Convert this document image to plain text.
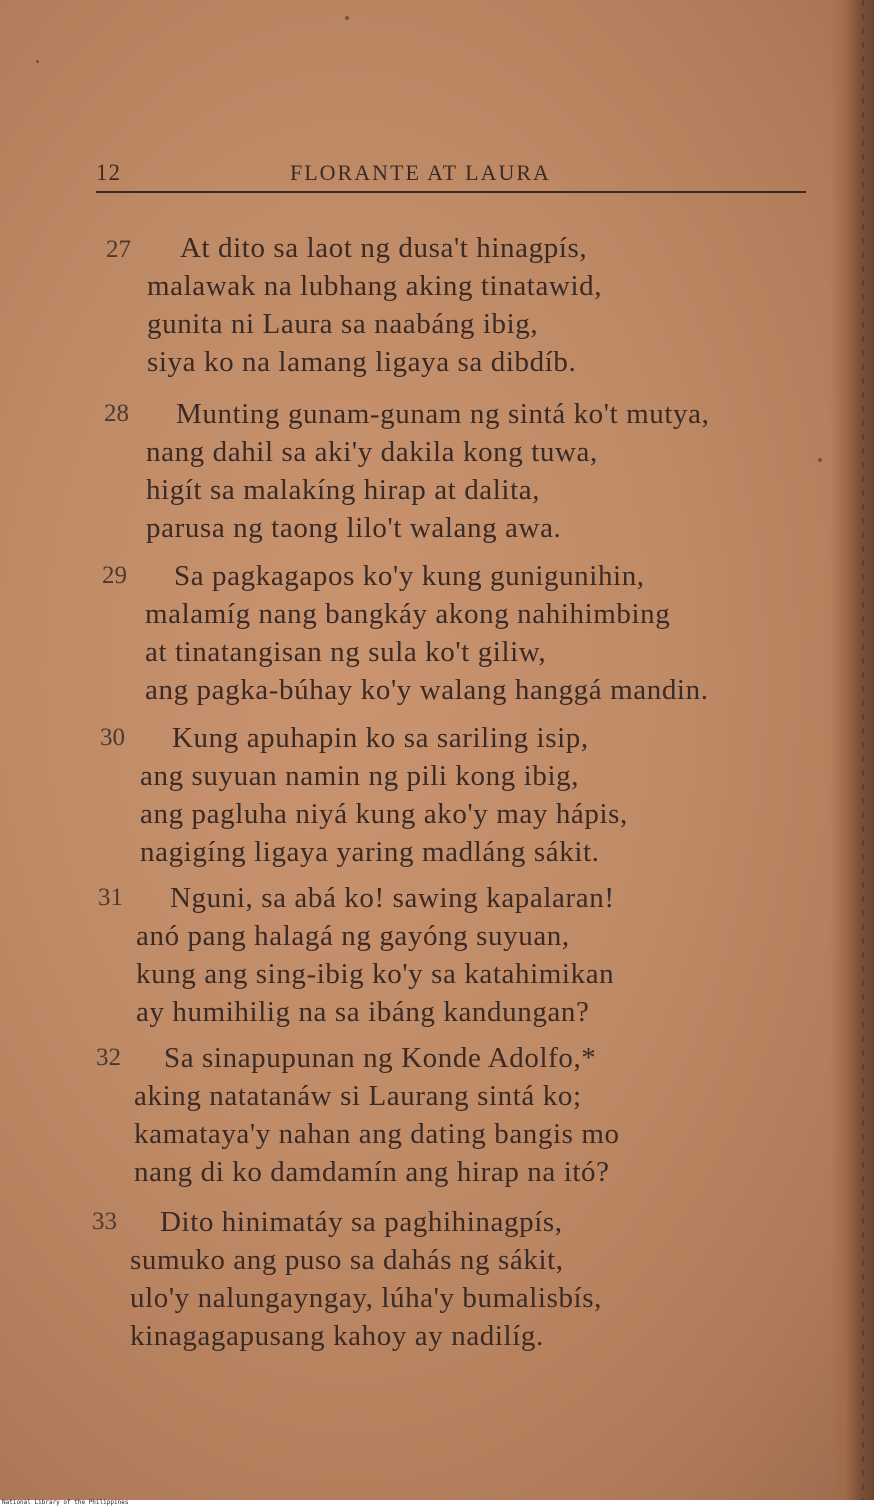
12	FLORANTE AT LAURA
27 At dito sa laot ng dusa't hinagpís,
malawak na lubhang aking tinatawid,
gunita ni Laura sa naabáng ibig,
siya ko na lamang ligaya sa dibdíb.
28 Munting gunam-gunam ng sintá ko't mutya,
nang dahil sa aki'y dakila kong tuwa,
higít sa malakíng hirap at dalita,
parusa ng taong lilo't walang awa.
29 Sa pagkagapos ko'y kung gunigunihin,
malamíg nang bangkáy akong nahihimbing
at tinatangisan ng sula ko't giliw,
ang pagka-búhay ko'y walang hanggá mandin.
30 Kung apuhapin ko sa sariling isip,
ang suyuan namin ng pili kong ibig,
ang pagluha niyá kung ako'y may hápis,
nagigíng ligaya yaring madláng sákit.
31 Nguni, sa abá ko! sawing kapalaran!
anó pang halagá ng gayóng suyuan,
kung ang sing-ibig ko'y sa katahimikan
ay humihilig na sa ibáng kandungan?
32 Sa sinapupunan ng Konde Adolfo,*
aking natatanáw si Laurang sintá ko;
kamataya'y nahan ang dating bangis mo
nang di ko damdamín ang hirap na itó?
33 Dito hinimatáy sa paghihinagpís,
sumuko ang puso sa dahás ng sákit,
ulo'y nalungayngay, lúha'y bumalisbís,
kinagagapusang kahoy ay nadilíg.
National Library of the Philippines
